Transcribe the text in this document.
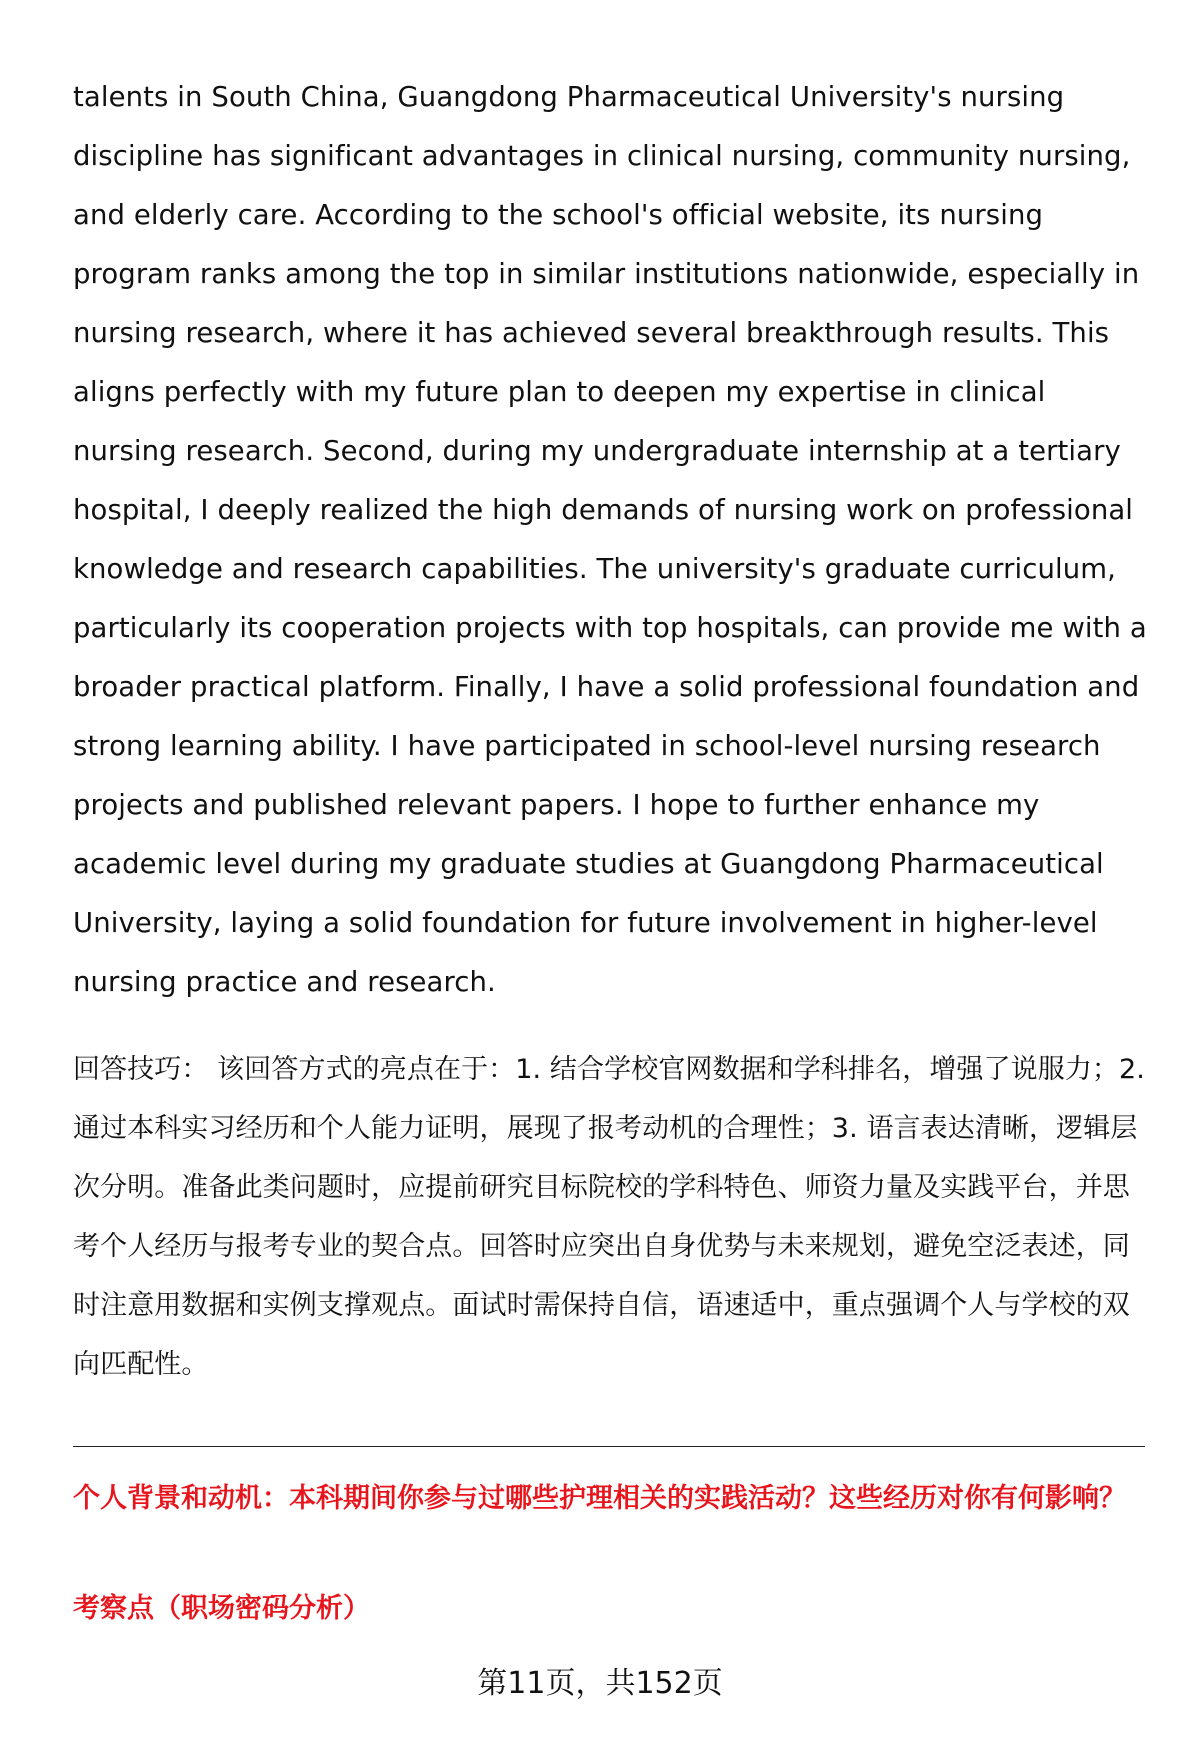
talents in South China, Guangdong Pharmaceutical University's nursing discipline has significant advantages in clinical nursing, community nursing, and elderly care. According to the school's official website, its nursing program ranks among the top in similar institutions nationwide, especially in nursing research, where it has achieved several breakthrough results. This aligns perfectly with my future plan to deepen my expertise in clinical nursing research. Second, during my undergraduate internship at a tertiary hospital, I deeply realized the high demands of nursing work on professional knowledge and research capabilities. The university's graduate curriculum, particularly its cooperation projects with top hospitals, can provide me with a broader practical platform. Finally, I have a solid professional foundation and strong learning ability. I have participated in school-level nursing research projects and published relevant papers. I hope to further enhance my academic level during my graduate studies at Guangdong Pharmaceutical University, laying a solid foundation for future involvement in higher-level nursing practice and research.
回答技巧： 该回答方式的亮点在于：1. 结合学校官网数据和学科排名，增强了说服力；2. 通过本科实习经历和个人能力证明，展现了报考动机的合理性；3. 语言表达清晰，逻辑层次分明。准备此类问题时，应提前研究目标院校的学科特色、师资力量及实践平台，并思考个人经历与报考专业的契合点。回答时应突出自身优势与未来规划，避免空泛表述，同时注意用数据和实例支撑观点。面试时需保持自信，语速适中，重点强调个人与学校的双向匹配性。
个人背景和动机：本科期间你参与过哪些护理相关的实践活动？这些经历对你有何影响？
考察点（职场密码分析）
第11页，共152页
